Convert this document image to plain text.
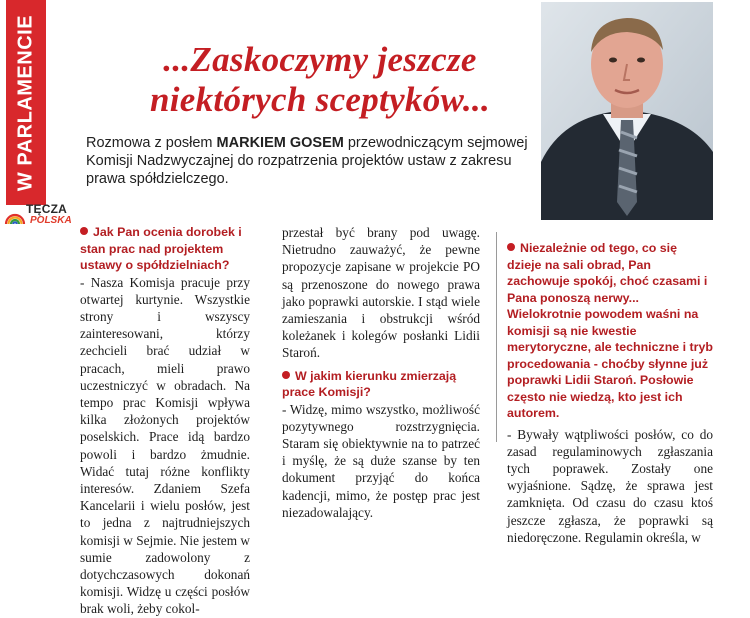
W PARLAMENCIE
TĘCZA
POLSKA
...Zaskoczymy jeszcze
niektórych sceptyków...
Rozmowa z posłem MARKIEM GOSEM przewodniczącym sejmowej Komisji Nadzwyczajnej do rozpatrzenia projektów ustaw z zakresu prawa spółdzielczego.

Jak Pan ocenia dorobek i stan prac nad projektem ustawy o spółdzielniach?

- Nasza Komisja pracuje przy otwartej kurtynie. Wszystkie strony i wszyscy zainteresowani, którzy zechcieli brać udział w pracach, mieli prawo uczestniczyć w obradach. Na tempo prac Komisji wpływa kilka złożonych projektów poselskich. Prace idą bardzo powoli i bardzo żmudnie. Widać tutaj różne konflikty interesów. Zdaniem Szefa Kancelarii i wielu posłów, jest to jedna z najtrudniejszych komisji w Sejmie. Nie jestem w sumie zadowolony z dotychczasowych dokonań komisji. Widzę u części posłów brak woli, żeby cokol-

przestał być brany pod uwagę. Nietrudno zauważyć, że pewne propozycje zapisane w projekcie PO są przenoszone do nowego prawa jako poprawki autorskie. I stąd wiele zamieszania i obstrukcji wśród koleżanek i kolegów posłanki Lidii Staroń.

W jakim kierunku zmierzają prace Komisji?

- Widzę, mimo wszystko, możliwość pozytywnego rozstrzygnięcia. Staram się obiektywnie na to patrzeć i myślę, że są duże szanse by ten dokument przyjąć do końca kadencji, mimo, że postęp prac jest niezadowalający.

Niezależnie od tego, co się dzieje na sali obrad, Pan zachowuje spokój, choć czasami i Pana ponoszą nerwy... Wielokrotnie powodem waśni na komisji są nie kwestie merytoryczne, ale techniczne i tryb procedowania - choćby słynne już poprawki Lidii Staroń. Posłowie często nie wiedzą, kto jest ich autorem.

- Bywały wątpliwości posłów, co do zasad regulaminowych zgłaszania tych poprawek. Zostały one wyjaśnione. Sądzę, że sprawa jest zamknięta. Od czasu do czasu ktoś jeszcze zgłasza, że poprawki są niedoręczone. Regulamin określa, w
